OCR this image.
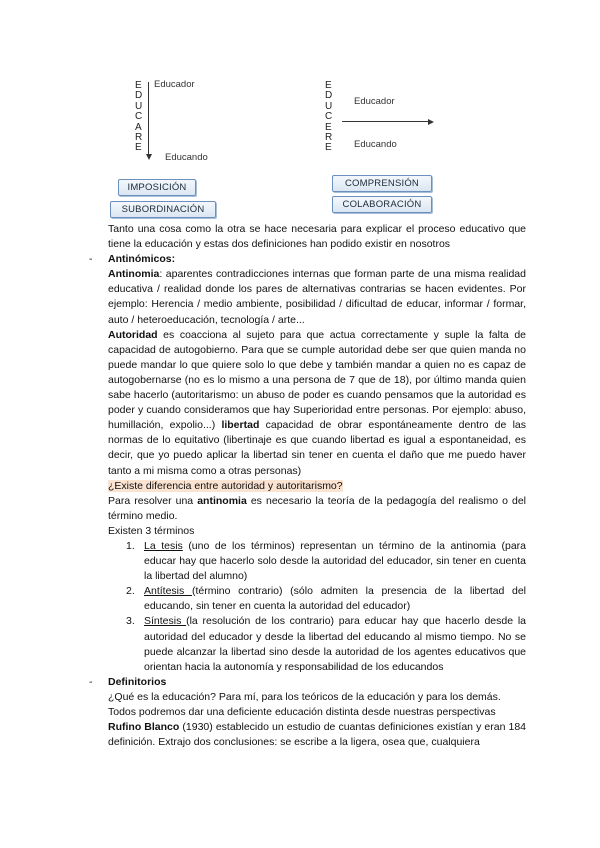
E
D
U
C
A
R
E
Educador
Educando
E
D
U
C
E
R
E
Educador
Educando
IMPOSICIÓN
SUBORDINACIÓN
COMPRENSIÓN
COLABORACIÓN

Tanto una cosa como la otra se hace necesaria para explicar el proceso educativo que tiene la educación y estas dos definiciones han podido existir en nosotros

- Antinómicos:

Antinomia: aparentes contradicciones internas que forman parte de una misma realidad educativa / realidad donde los pares de alternativas contrarias se hacen evidentes. Por ejemplo: Herencia / medio ambiente, posibilidad / dificultad de educar, informar / formar, auto / heteroeducación, tecnología / arte...

Autoridad es coacciona al sujeto para que actua correctamente y suple la falta de capacidad de autogobierno. Para que se cumple autoridad debe ser que quien manda no puede mandar lo que quiere solo lo que debe y también mandar a quien no es capaz de autogobernarse (no es lo mismo a una persona de 7 que de 18), por último manda quien sabe hacerlo (autoritarismo: un abuso de poder es cuando pensamos que la autoridad es poder y cuando consideramos que hay Superioridad entre personas. Por ejemplo: abuso, humillación, expolio...) libertad capacidad de obrar espontáneamente dentro de las normas de lo equitativo (libertinaje es que cuando libertad es igual a espontaneidad, es decir, que yo puedo aplicar la libertad sin tener en cuenta el daño que me puedo haver tanto a mi misma como a otras personas)

¿Existe diferencia entre autoridad y autoritarismo?

Para resolver una antinomia es necesario la teoría de la pedagogía del realismo o del término medio.

Existen 3 términos

1. La tesis (uno de los términos) representan un término de la antinomia (para educar hay que hacerlo solo desde la autoridad del educador, sin tener en cuenta la libertad del alumno)
2. Antítesis (término contrario) (sólo admiten la presencia de la libertad del educando, sin tener en cuenta la autoridad del educador)
3. Síntesis (la resolución de los contrario) para educar hay que hacerlo desde la autoridad del educador y desde la libertad del educando al mismo tiempo. No se puede alcanzar la libertad sino desde la autoridad de los agentes educativos que orientan hacia la autonomía y responsabilidad de los educandos
- Definitorios

¿Qué es la educación? Para mí, para los teóricos de la educación y para los demás.

Todos podremos dar una deficiente educación distinta desde nuestras perspectivas

Rufino Blanco (1930) establecido un estudio de cuantas definiciones existían y eran 184 definición. Extrajo dos conclusiones: se escribe a la ligera, osea que, cualquiera
